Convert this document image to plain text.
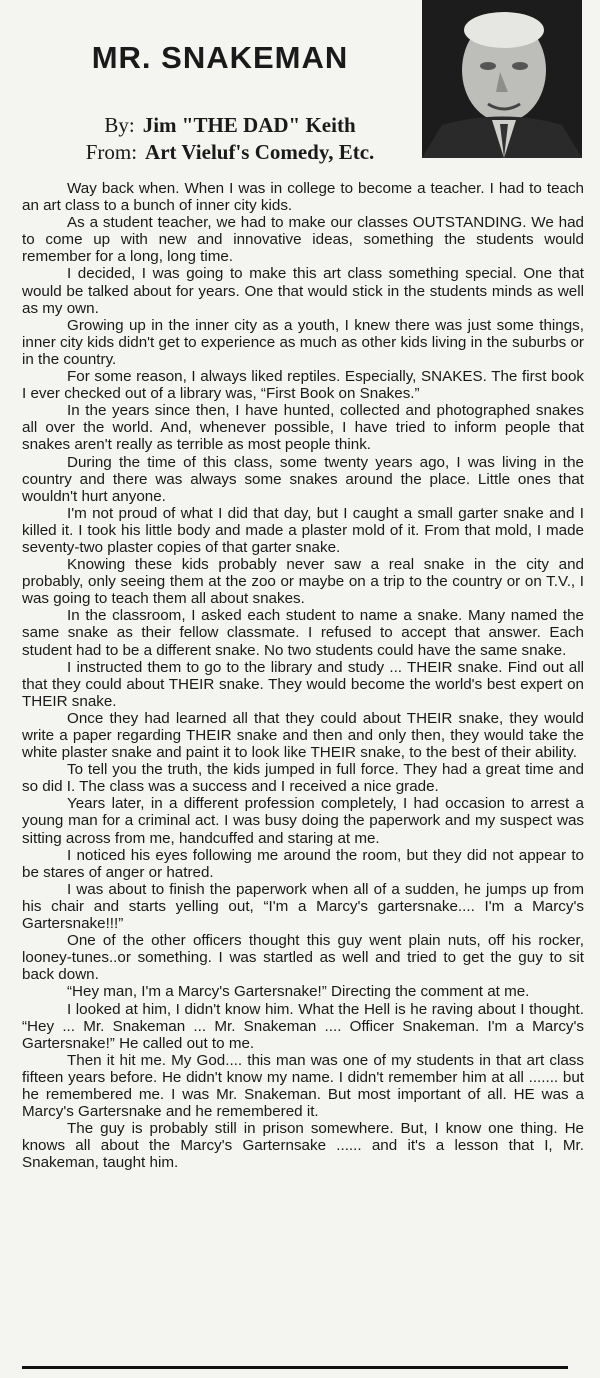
MR. SNAKEMAN
By: Jim "THE DAD" Keith
From: Art Vieluf's Comedy, Etc.

Way back when. When I was in college to become a teacher. I had to teach an art class to a bunch of inner city kids.

As a student teacher, we had to make our classes OUTSTANDING. We had to come up with new and innovative ideas, something the students would remember for a long, long time.

I decided, I was going to make this art class something special. One that would be talked about for years. One that would stick in the students minds as well as my own.

Growing up in the inner city as a youth, I knew there was just some things, inner city kids didn't get to experience as much as other kids living in the suburbs or in the country.

For some reason, I always liked reptiles. Especially, SNAKES. The first book I ever checked out of a library was, “First Book on Snakes.”

In the years since then, I have hunted, collected and photographed snakes all over the world. And, whenever possible, I have tried to inform people that snakes aren't really as terrible as most people think.

During the time of this class, some twenty years ago, I was living in the country and there was always some snakes around the place. Little ones that wouldn't hurt anyone.

I'm not proud of what I did that day, but I caught a small garter snake and I killed it. I took his little body and made a plaster mold of it. From that mold, I made seventy-two plaster copies of that garter snake.

Knowing these kids probably never saw a real snake in the city and probably, only seeing them at the zoo or maybe on a trip to the country or on T.V., I was going to teach them all about snakes.

In the classroom, I asked each student to name a snake. Many named the same snake as their fellow classmate. I refused to accept that answer. Each student had to be a different snake. No two students could have the same snake.

I instructed them to go to the library and study ... THEIR snake. Find out all that they could about THEIR snake. They would become the world's best expert on THEIR snake.

Once they had learned all that they could about THEIR snake, they would write a paper regarding THEIR snake and then and only then, they would take the white plaster snake and paint it to look like THEIR snake, to the best of their ability.

To tell you the truth, the kids jumped in full force. They had a great time and so did I. The class was a success and I received a nice grade.

Years later, in a different profession completely, I had occasion to arrest a young man for a criminal act. I was busy doing the paperwork and my suspect was sitting across from me, handcuffed and staring at me.

I noticed his eyes following me around the room, but they did not appear to be stares of anger or hatred.

I was about to finish the paperwork when all of a sudden, he jumps up from his chair and starts yelling out, “I'm a Marcy's gartersnake.... I'm a Marcy's Gartersnake!!!”

One of the other officers thought this guy went plain nuts, off his rocker, looney-tunes..or something. I was startled as well and tried to get the guy to sit back down.

“Hey man, I'm a Marcy's Gartersnake!” Directing the comment at me.

I looked at him, I didn't know him. What the Hell is he raving about I thought. “Hey ... Mr. Snakeman ... Mr. Snakeman .... Officer Snakeman. I'm a Marcy's Gartersnake!” He called out to me.

Then it hit me. My God.... this man was one of my students in that art class fifteen years before. He didn't know my name. I didn't remember him at all ....... but he remembered me. I was Mr. Snakeman. But most important of all. HE was a Marcy's Gartersnake and he remembered it.

The guy is probably still in prison somewhere. But, I know one thing. He knows all about the Marcy's Garternsake ...... and it's a lesson that I, Mr. Snakeman, taught him.
